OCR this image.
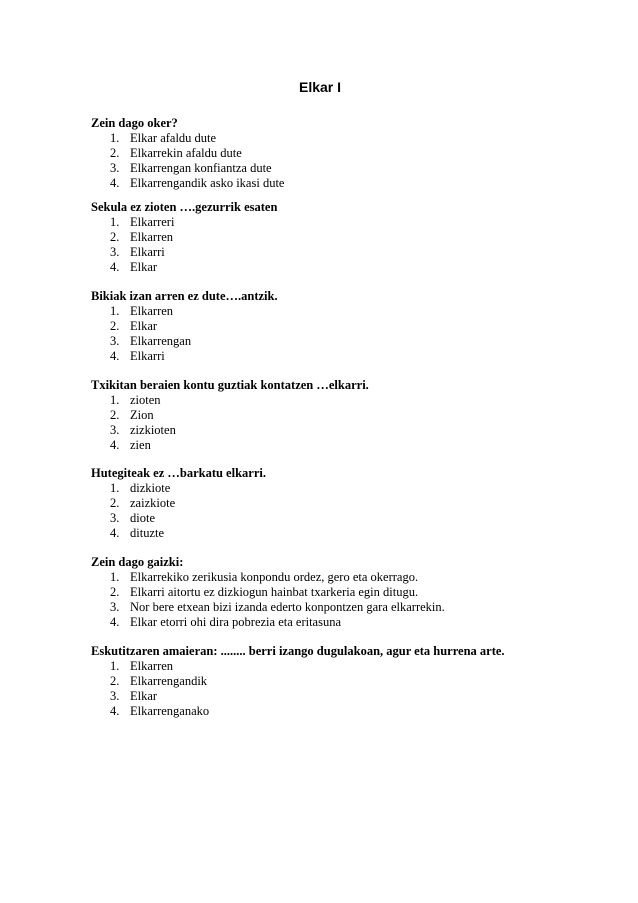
Elkar I

Zein dago oker?

1. Elkar afaldu dute
2. Elkarrekin afaldu dute
3. Elkarrengan konfiantza dute
4. Elkarrengandik asko ikasi dute

Sekula ez zioten ….gezurrik esaten

1. Elkarreri
2. Elkarren
3. Elkarri
4. Elkar

Bikiak izan arren ez dute….antzik.

1. Elkarren
2. Elkar
3. Elkarrengan
4. Elkarri

Txikitan beraien kontu guztiak kontatzen …elkarri.

1. zioten
2. Zion
3. zizkioten
4. zien

Hutegiteak ez …barkatu elkarri.

1. dizkiote
2. zaizkiote
3. diote
4. dituzte

Zein dago gaizki:

1. Elkarrekiko zerikusia konpondu ordez, gero eta okerrago.
2. Elkarri aitortu ez dizkiogun hainbat txarkeria egin ditugu.
3. Nor bere etxean bizi izanda ederto konpontzen gara elkarrekin.
4. Elkar etorri ohi dira pobrezia eta eritasuna

Eskutitzaren amaieran: ........ berri izango dugulakoan, agur eta hurrena arte.

1. Elkarren
2. Elkarrengandik
3. Elkar
4. Elkarrenganako
